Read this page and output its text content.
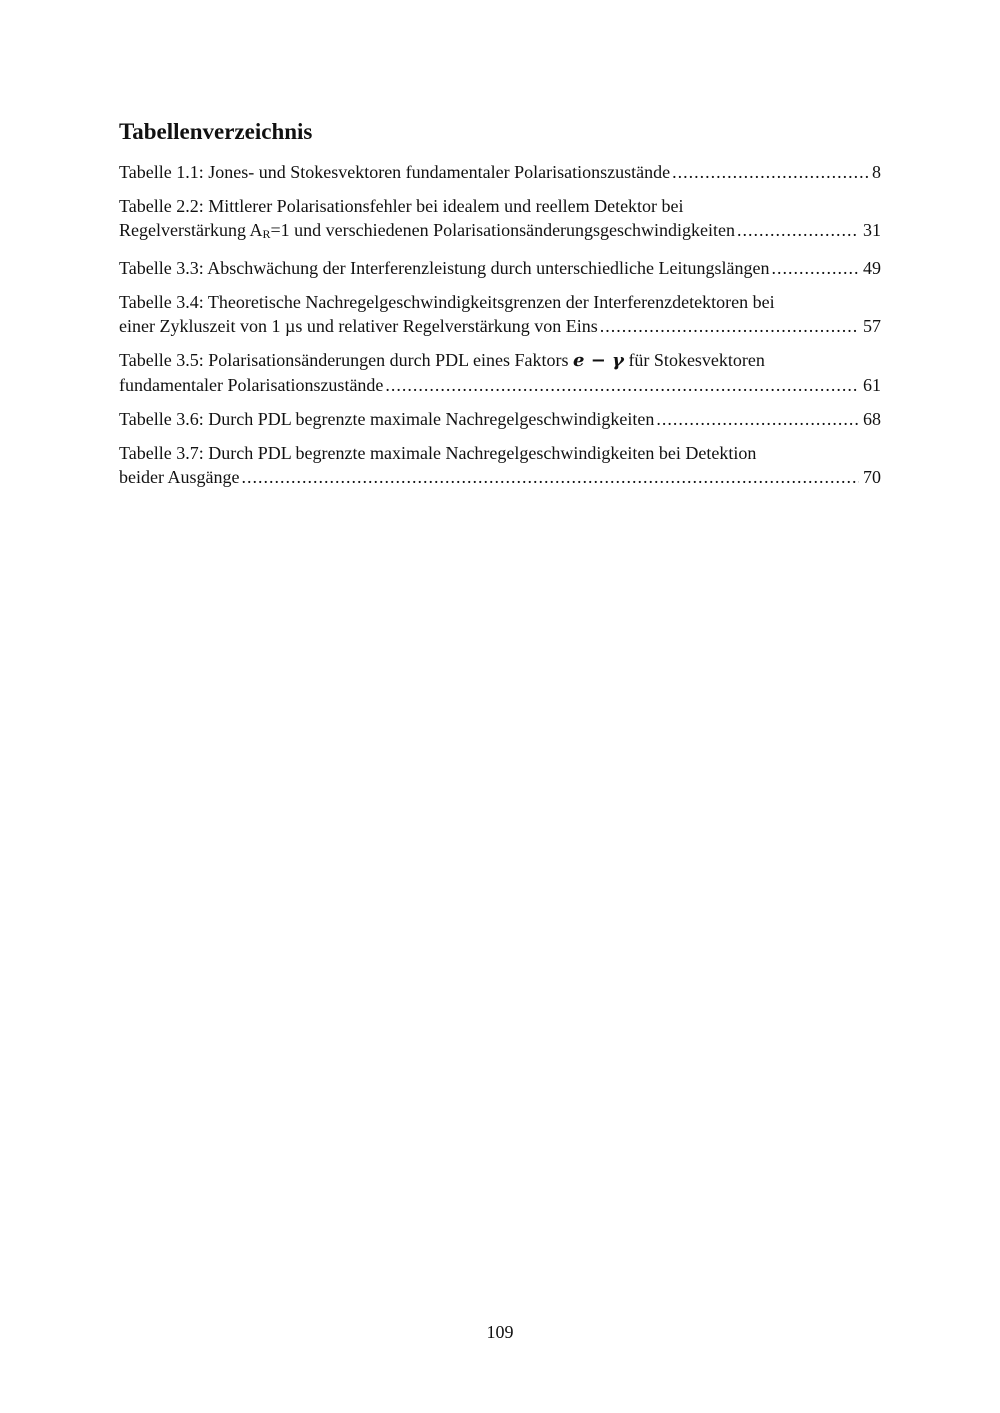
Tabellenverzeichnis
Tabelle 1.1: Jones- und Stokesvektoren fundamentaler Polarisationszustände .....	8
Tabelle 2.2: Mittlerer Polarisationsfehler bei idealem und reellem Detektor bei
Regelverstärkung AR=1 und verschiedenen Polarisationsänderungsgeschwindigkeiten .....	31
Tabelle 3.3: Abschwächung der Interferenzleistung durch unterschiedliche Leitungslängen .....	49
Tabelle 3.4: Theoretische Nachregelgeschwindigkeitsgrenzen der Interferenzdetektoren bei
einer Zykluszeit von 1 µs und relativer Regelverstärkung von Eins .....	57
Tabelle 3.5: Polarisationsänderungen durch PDL eines Faktors e − γ für Stokesvektoren
fundamentaler Polarisationszustände .....	61
Tabelle 3.6: Durch PDL begrenzte maximale Nachregelgeschwindigkeiten .....	68
Tabelle 3.7: Durch PDL begrenzte maximale Nachregelgeschwindigkeiten bei Detektion
beider Ausgänge .....	70
109
